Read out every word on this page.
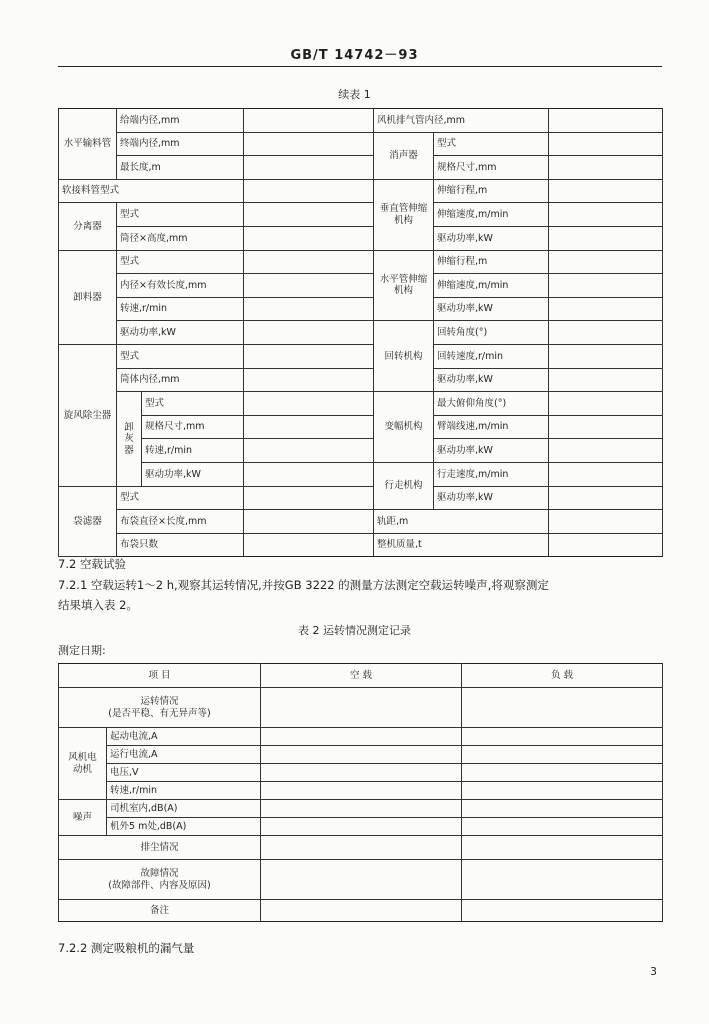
GB/T 14742－93
续表 1
水平输料管	给端内径,mm			风机排气管内径,mm		
	终端内径,mm			消声器	型式	
	最长度,m				规格尺寸,mm	
软接料管型式				垂直管伸缩机构	伸缩行程,m	
分离器	型式				伸缩速度,m/min	
	筒径×高度,mm				驱动功率,kW	
卸料器	型式			水平管伸缩机构	伸缩行程,m	
	内径×有效长度,mm				伸缩速度,m/min	
	转速,r/min				驱动功率,kW	
	驱动功率,kW			回转机构	回转角度(°)	
旋风除尘器	型式				回转速度,r/min	
	筒体内径,mm				驱动功率,kW	
	卸灰器	型式		变幅机构	最大俯仰角度(°)	
		规格尺寸,mm			臂端线速,m/min	
		转速,r/min			驱动功率,kW	
		驱动功率,kW		行走机构	行走速度,m/min	
袋滤器	型式				驱动功率,kW	
	布袋直径×长度,mm			轨距,m		
	布袋只数			整机质量,t		
7.2 空载试验
7.2.1 空载运转1～2 h,观察其运转情况,并按GB 3222 的测量方法测定空载运转噪声,将观察测定
结果填入表 2。
表 2 运转情况测定记录
测定日期:
项 目		空 载	负 载

运转情况
(是否平稳、有无异声等)			

风机电动机	起动电流,A		
	运行电流,A		
	电压,V		
	转速,r/min		
噪声	司机室内,dB(A)		
	机外5 m处,dB(A)		
排尘情况			

故障情况
(故障部件、内容及原因)			

备注			
7.2.2 测定吸粮机的漏气量
3
